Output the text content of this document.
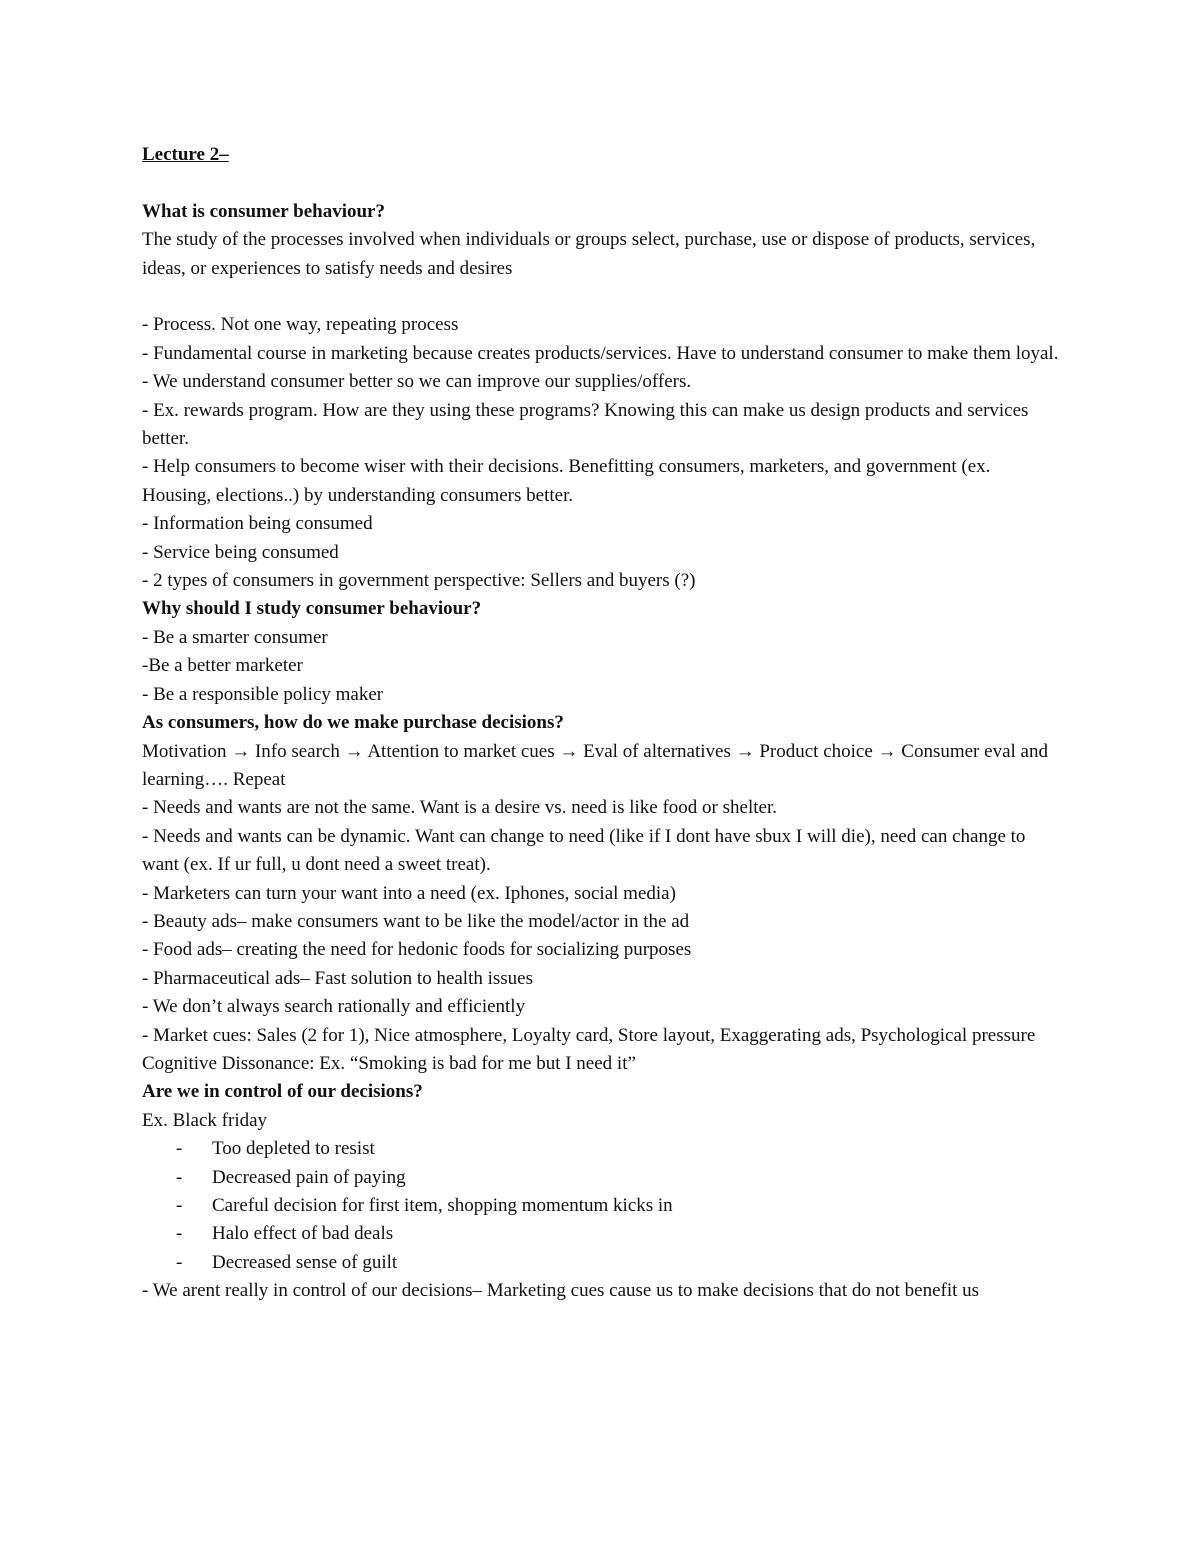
Lecture 2–

What is consumer behaviour?

The study of the processes involved when individuals or groups select, purchase, use or dispose of products, services, ideas, or experiences to satisfy needs and desires

- Process. Not one way, repeating process

- Fundamental course in marketing because creates products/services. Have to understand consumer to make them loyal.

- We understand consumer better so we can improve our supplies/offers.

- Ex. rewards program. How are they using these programs? Knowing this can make us design products and services better.

- Help consumers to become wiser with their decisions. Benefitting consumers, marketers, and government (ex. Housing, elections..) by understanding consumers better.

- Information being consumed

- Service being consumed

- 2 types of consumers in government perspective: Sellers and buyers (?)

Why should I study consumer behaviour?

- Be a smarter consumer

-Be a better marketer

- Be a responsible policy maker

As consumers, how do we make purchase decisions?

Motivation → Info search → Attention to market cues → Eval of alternatives → Product choice → Consumer eval and learning…. Repeat

- Needs and wants are not the same. Want is a desire vs. need is like food or shelter.

- Needs and wants can be dynamic. Want can change to need (like if I dont have sbux I will die), need can change to want (ex. If ur full, u dont need a sweet treat).

- Marketers can turn your want into a need (ex. Iphones, social media)

- Beauty ads– make consumers want to be like the model/actor in the ad

- Food ads– creating the need for hedonic foods for socializing purposes

- Pharmaceutical ads– Fast solution to health issues

- We don’t always search rationally and efficiently

- Market cues: Sales (2 for 1), Nice atmosphere, Loyalty card, Store layout, Exaggerating ads, Psychological pressure

Cognitive Dissonance: Ex. “Smoking is bad for me but I need it”

Are we in control of our decisions?

Ex. Black friday

- Too depleted to resist
- Decreased pain of paying
- Careful decision for first item, shopping momentum kicks in
- Halo effect of bad deals
- Decreased sense of guilt

- We arent really in control of our decisions– Marketing cues cause us to make decisions that do not benefit us
